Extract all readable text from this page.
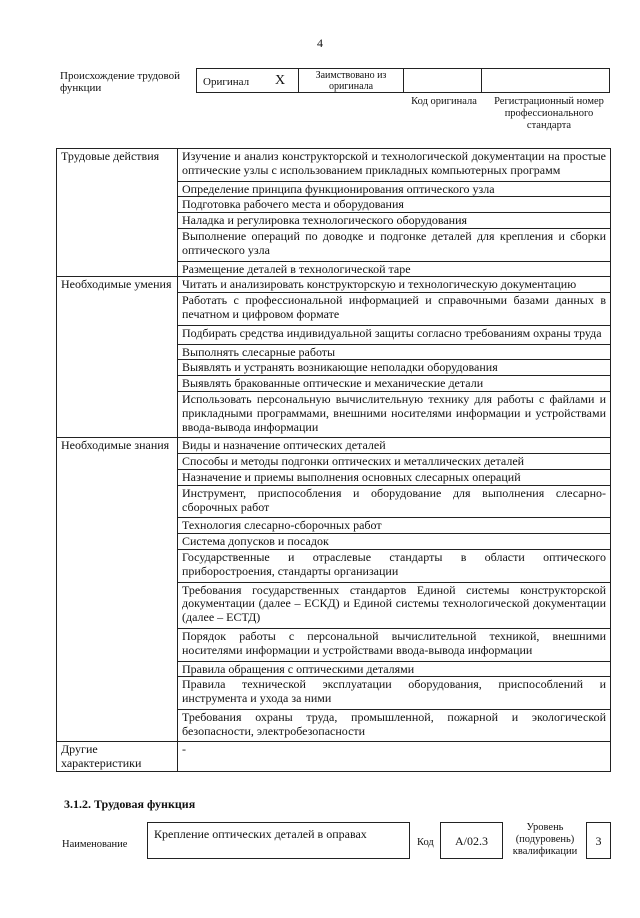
4
Происхождение трудовой функции	Оригинал X	Заимствовано из оригинала
Код оригинала	Регистрационный номер профессионального стандарта
Трудовые действия	Изучение и анализ конструкторской и технологической документации на простые оптические узлы с использованием прикладных компьютерных программ
	Определение принципа функционирования оптического узла
	Подготовка рабочего места и оборудования
	Наладка и регулировка технологического оборудования
	Выполнение операций по доводке и подгонке деталей для крепления и сборки оптического узла
	Размещение деталей в технологической таре
Необходимые умения	Читать и анализировать конструкторскую и технологическую документацию
	Работать с профессиональной информацией и справочными базами данных в печатном и цифровом формате
	Подбирать средства индивидуальной защиты согласно требованиям охраны труда
	Выполнять слесарные работы
	Выявлять и устранять возникающие неполадки оборудования
	Выявлять бракованные оптические и механические детали
	Использовать персональную вычислительную технику для работы с файлами и прикладными программами, внешними носителями информации и устройствами ввода-вывода информации
Необходимые знания	Виды и назначение оптических деталей
	Способы и методы подгонки оптических и металлических деталей
	Назначение и приемы выполнения основных слесарных операций
	Инструмент, приспособления и оборудование для выполнения слесарно-сборочных работ
	Технология слесарно-сборочных работ
	Система допусков и посадок
	Государственные и отраслевые стандарты в области оптического приборостроения, стандарты организации
	Требования государственных стандартов Единой системы конструкторской документации (далее – ЕСКД) и Единой системы технологической документации (далее – ЕСТД)
	Порядок работы с персональной вычислительной техникой, внешними носителями информации и устройствами ввода-вывода информации
	Правила обращения с оптическими деталями
	Правила технической эксплуатации оборудования, приспособлений и инструмента и ухода за ними
	Требования охраны труда, промышленной, пожарной и экологической безопасности, электробезопасности
Другие характеристики	-
3.1.2. Трудовая функция
Наименование
Крепление оптических деталей в оправах
Код	А/02.3
Уровень (подуровень) квалификации
3
